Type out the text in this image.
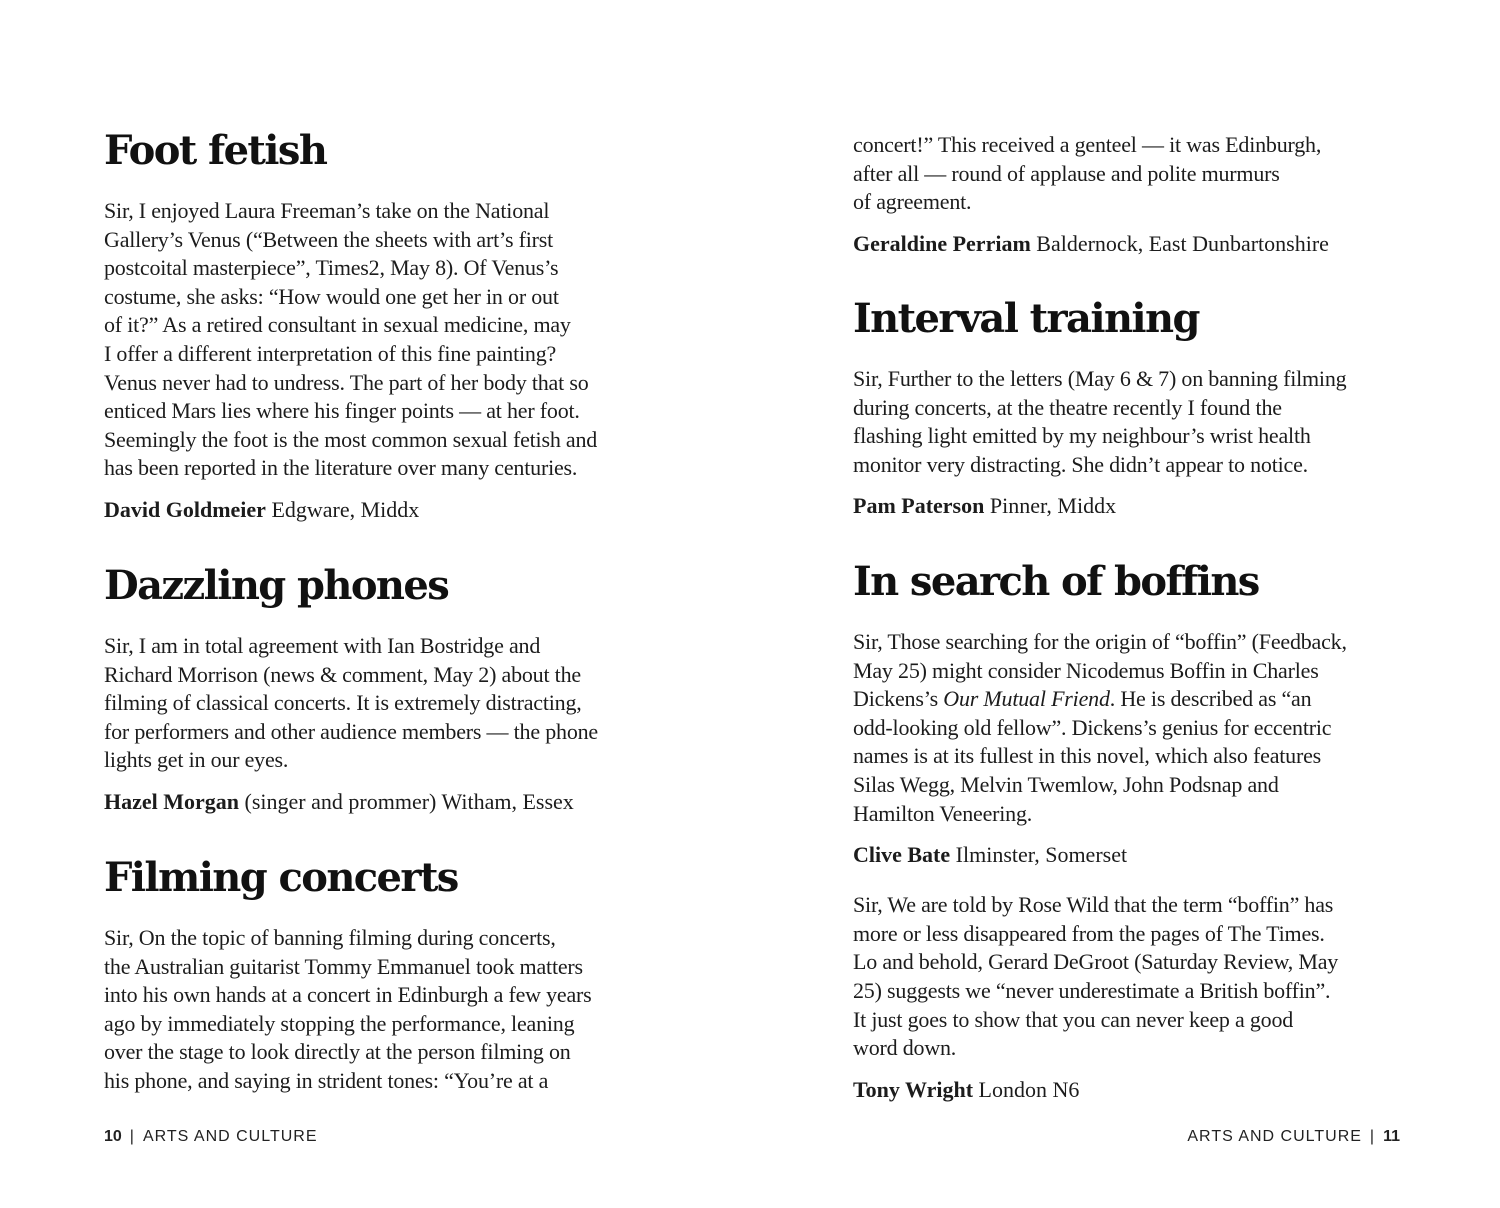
Foot fetish

Sir, I enjoyed Laura Freeman’s take on the National
Gallery’s Venus (“Between the sheets with art’s first
postcoital masterpiece”, Times2, May 8). Of Venus’s
costume, she asks: “How would one get her in or out
of it?” As a retired consultant in sexual medicine, may
I offer a different interpretation of this fine painting?
Venus never had to undress. The part of her body that so
enticed Mars lies where his finger points — at her foot.
Seemingly the foot is the most common sexual fetish and
has been reported in the literature over many centuries.

David Goldmeier Edgware, Middx

Dazzling phones

Sir, I am in total agreement with Ian Bostridge and
Richard Morrison (news & comment, May 2) about the
filming of classical concerts. It is extremely distracting,
for performers and other audience members — the phone
lights get in our eyes.

Hazel Morgan (singer and prommer) Witham, Essex

Filming concerts

Sir, On the topic of banning filming during concerts,
the Australian guitarist Tommy Emmanuel took matters
into his own hands at a concert in Edinburgh a few years
ago by immediately stopping the performance, leaning
over the stage to look directly at the person filming on
his phone, and saying in strident tones: “You’re at a

10 | ARTS AND CULTURE

concert!” This received a genteel — it was Edinburgh,
after all — round of applause and polite murmurs
of agreement.

Geraldine Perriam Baldernock, East Dunbartonshire

Interval training

Sir, Further to the letters (May 6 & 7) on banning filming
during concerts, at the theatre recently I found the
flashing light emitted by my neighbour’s wrist health
monitor very distracting. She didn’t appear to notice.

Pam Paterson Pinner, Middx

In search of boffins

Sir, Those searching for the origin of “boffin” (Feedback,
May 25) might consider Nicodemus Boffin in Charles
Dickens’s Our Mutual Friend. He is described as “an
odd-looking old fellow”. Dickens’s genius for eccentric
names is at its fullest in this novel, which also features
Silas Wegg, Melvin Twemlow, John Podsnap and
Hamilton Veneering.

Clive Bate Ilminster, Somerset

Sir, We are told by Rose Wild that the term “boffin” has
more or less disappeared from the pages of The Times.
Lo and behold, Gerard DeGroot (Saturday Review, May
25) suggests we “never underestimate a British boffin”.
It just goes to show that you can never keep a good
word down.

Tony Wright London N6

ARTS AND CULTURE | 11
